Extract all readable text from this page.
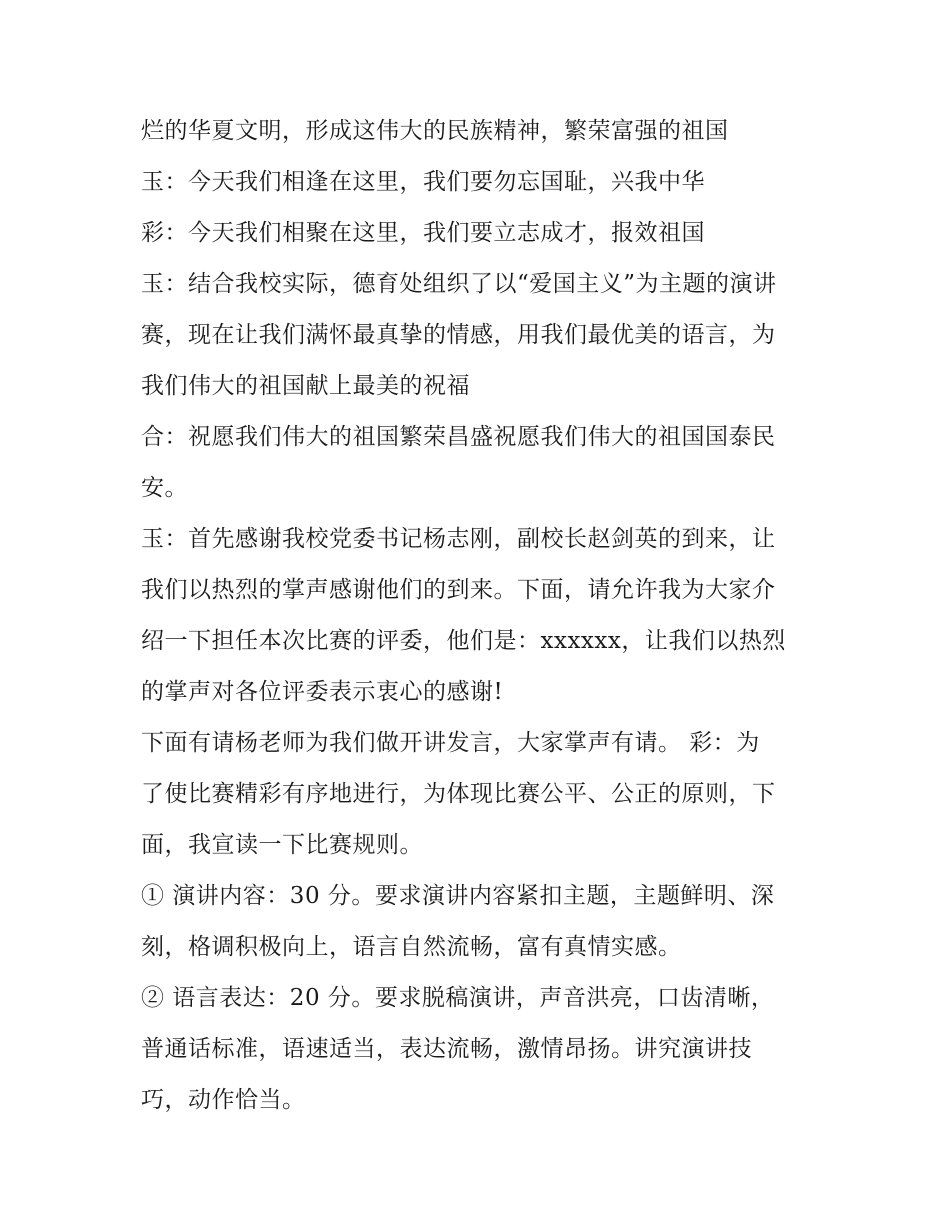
烂的华夏文明，形成这伟大的民族精神，繁荣富强的祖国
玉：今天我们相逢在这里，我们要勿忘国耻，兴我中华
彩：今天我们相聚在这里，我们要立志成才，报效祖国
玉：结合我校实际，德育处组织了以“爱国主义”为主题的演讲
赛，现在让我们满怀最真挚的情感，用我们最优美的语言，为
我们伟大的祖国献上最美的祝福
合：祝愿我们伟大的祖国繁荣昌盛祝愿我们伟大的祖国国泰民
安。
玉：首先感谢我校党委书记杨志刚，副校长赵剑英的到来，让
我们以热烈的掌声感谢他们的到来。下面，请允许我为大家介
绍一下担任本次比赛的评委，他们是：xxxxxx，让我们以热烈
的掌声对各位评委表示衷心的感谢!
下面有请杨老师为我们做开讲发言，大家掌声有请。 彩：为
了使比赛精彩有序地进行，为体现比赛公平、公正的原则，下
面，我宣读一下比赛规则。
① 演讲内容：30 分。要求演讲内容紧扣主题，主题鲜明、深
刻，格调积极向上，语言自然流畅，富有真情实感。
② 语言表达：20 分。要求脱稿演讲，声音洪亮，口齿清晰，
普通话标准，语速适当，表达流畅，激情昂扬。讲究演讲技
巧，动作恰当。
